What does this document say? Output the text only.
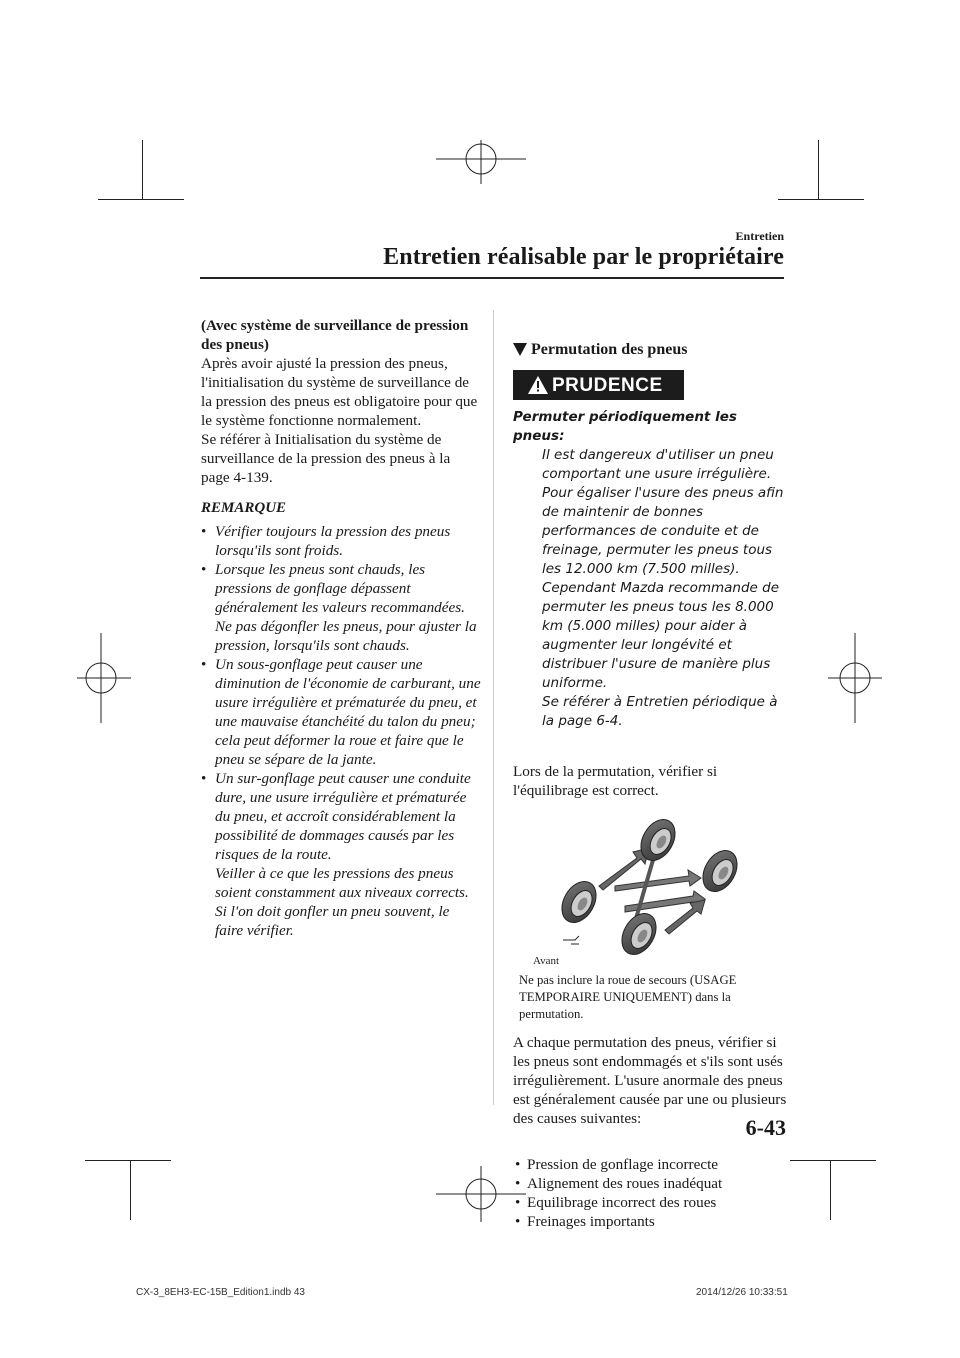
Entretien
Entretien réalisable par le propriétaire
(Avec système de surveillance de pression des pneus)
Après avoir ajusté la pression des pneus, l'initialisation du système de surveillance de la pression des pneus est obligatoire pour que le système fonctionne normalement.
Se référer à Initialisation du système de surveillance de la pression des pneus à la page 4-139.
REMARQUE
• Vérifier toujours la pression des pneus lorsqu'ils sont froids.
• Lorsque les pneus sont chauds, les pressions de gonflage dépassent généralement les valeurs recommandées. Ne pas dégonfler les pneus, pour ajuster la pression, lorsqu'ils sont chauds.
• Un sous-gonflage peut causer une diminution de l'économie de carburant, une usure irrégulière et prématurée du pneu, et une mauvaise étanchéité du talon du pneu; cela peut déformer la roue et faire que le pneu se sépare de la jante.
• Un sur-gonflage peut causer une conduite dure, une usure irrégulière et prématurée du pneu, et accroît considérablement la possibilité de dommages causés par les risques de la route.
Veiller à ce que les pressions des pneus soient constamment aux niveaux corrects. Si l'on doit gonfler un pneu souvent, le faire vérifier.
Permutation des pneus
PRUDENCE
Permuter périodiquement les pneus:
Il est dangereux d'utiliser un pneu comportant une usure irrégulière.
Pour égaliser l'usure des pneus afin de maintenir de bonnes performances de conduite et de freinage, permuter les pneus tous les 12.000 km (7.500 milles). Cependant Mazda recommande de permuter les pneus tous les 8.000 km (5.000 milles) pour aider à augmenter leur longévité et distribuer l'usure de manière plus uniforme.
Se référer à Entretien périodique à la page 6-4.
Lors de la permutation, vérifier si l'équilibrage est correct.
Avant
Ne pas inclure la roue de secours (USAGE TEMPORAIRE UNIQUEMENT) dans la permutation.
A chaque permutation des pneus, vérifier si les pneus sont endommagés et s'ils sont usés irrégulièrement. L'usure anormale des pneus est généralement causée par une ou plusieurs des causes suivantes:
• Pression de gonflage incorrecte
• Alignement des roues inadéquat
• Equilibrage incorrect des roues
• Freinages importants
6-43
CX-3_8EH3-EC-15B_Edition1.indb 43	2014/12/26 10:33:51
